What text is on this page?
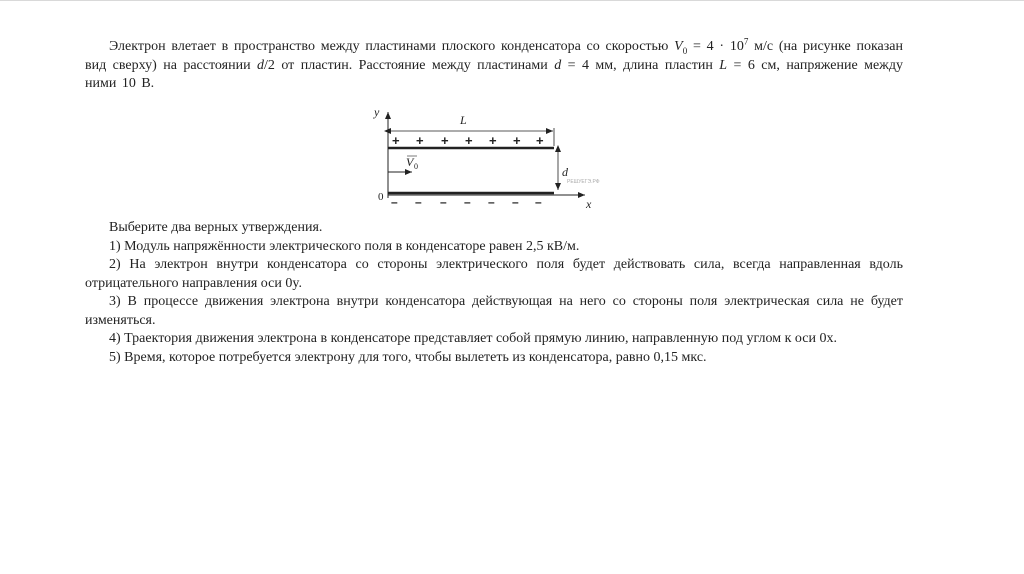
Электрон влетает в пространство между пластинами плоского конденсатора со скоростью $V_0 = 4 \cdot 10^7$ м/с (на рисунке показан вид сверху) на расстоянии d/2 от пластин. Расстояние между пластинами d = 4 мм, длина пластин L = 6 см, напряжение между ними 10 В.

y
x
0
L
+ + + + + + +
– – – – – – –
d
РЕШУЕГЭ.РФ
V 0

Выберите два верных утверждения.

1) Модуль напряжённости электрического поля в конденсаторе равен 2,5 кВ/м.

2) На электрон внутри конденсатора со стороны электрического поля будет действовать сила, всегда направленная вдоль отрицательного направления оси 0y.

3) В процессе движения электрона внутри конденсатора действующая на него со стороны поля электрическая сила не будет изменяться.

4) Траектория движения электрона в конденсаторе представляет собой прямую линию, направленную под углом к оси 0x.

5) Время, которое потребуется электрону для того, чтобы вылететь из конденсатора, равно 0,15 мкс.
